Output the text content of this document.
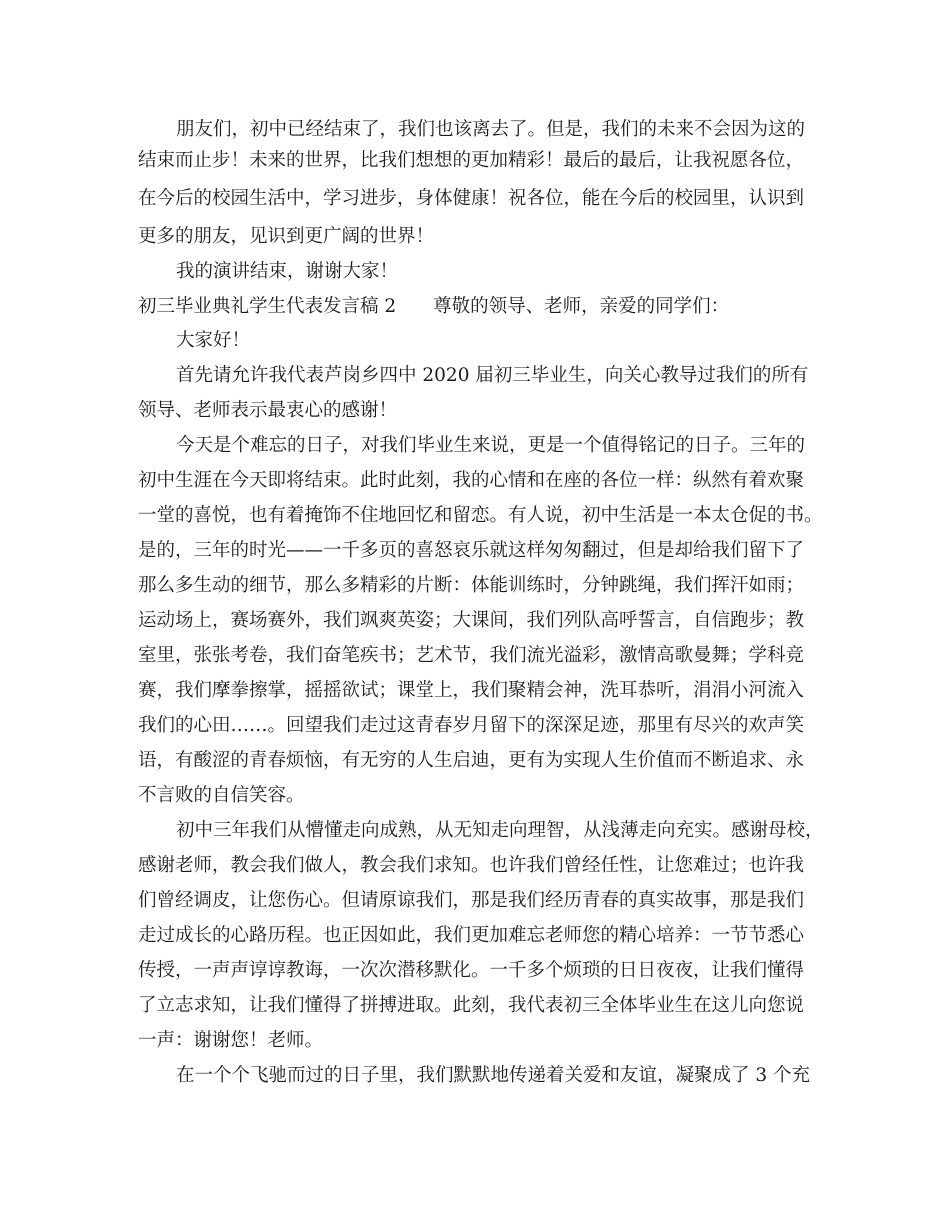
朋友们，初中已经结束了，我们也该离去了。但是，我们的未来不会因为这的
结束而止步！未来的世界，比我们想想的更加精彩！最后的最后，让我祝愿各位，
在今后的校园生活中，学习进步，身体健康！祝各位，能在今后的校园里，认识到
更多的朋友，见识到更广阔的世界！
我的演讲结束，谢谢大家！
初三毕业典礼学生代表发言稿 2　　尊敬的领导、老师，亲爱的同学们：
大家好！
首先请允许我代表芦岗乡四中 2020 届初三毕业生，向关心教导过我们的所有
领导、老师表示最衷心的感谢！
今天是个难忘的日子，对我们毕业生来说，更是一个值得铭记的日子。三年的
初中生涯在今天即将结束。此时此刻，我的心情和在座的各位一样：纵然有着欢聚
一堂的喜悦，也有着掩饰不住地回忆和留恋。有人说，初中生活是一本太仓促的书。
是的，三年的时光——一千多页的喜怒哀乐就这样匆匆翻过，但是却给我们留下了
那么多生动的细节，那么多精彩的片断：体能训练时，分钟跳绳，我们挥汗如雨；
运动场上，赛场赛外，我们飒爽英姿；大课间，我们列队高呼誓言，自信跑步；教
室里，张张考卷，我们奋笔疾书；艺术节，我们流光溢彩，激情高歌曼舞；学科竞
赛，我们摩拳擦掌，摇摇欲试；课堂上，我们聚精会神，洗耳恭听，涓涓小河流入
我们的心田……。回望我们走过这青春岁月留下的深深足迹，那里有尽兴的欢声笑
语，有酸涩的青春烦恼，有无穷的人生启迪，更有为实现人生价值而不断追求、永
不言败的自信笑容。
初中三年我们从懵懂走向成熟，从无知走向理智，从浅薄走向充实。感谢母校，
感谢老师，教会我们做人，教会我们求知。也许我们曾经任性，让您难过；也许我
们曾经调皮，让您伤心。但请原谅我们，那是我们经历青春的真实故事，那是我们
走过成长的心路历程。也正因如此，我们更加难忘老师您的精心培养：一节节悉心
传授，一声声谆谆教诲，一次次潜移默化。一千多个烦琐的日日夜夜，让我们懂得
了立志求知，让我们懂得了拼搏进取。此刻，我代表初三全体毕业生在这儿向您说
一声：谢谢您！老师。
在一个个飞驰而过的日子里，我们默默地传递着关爱和友谊，凝聚成了 3 个充
